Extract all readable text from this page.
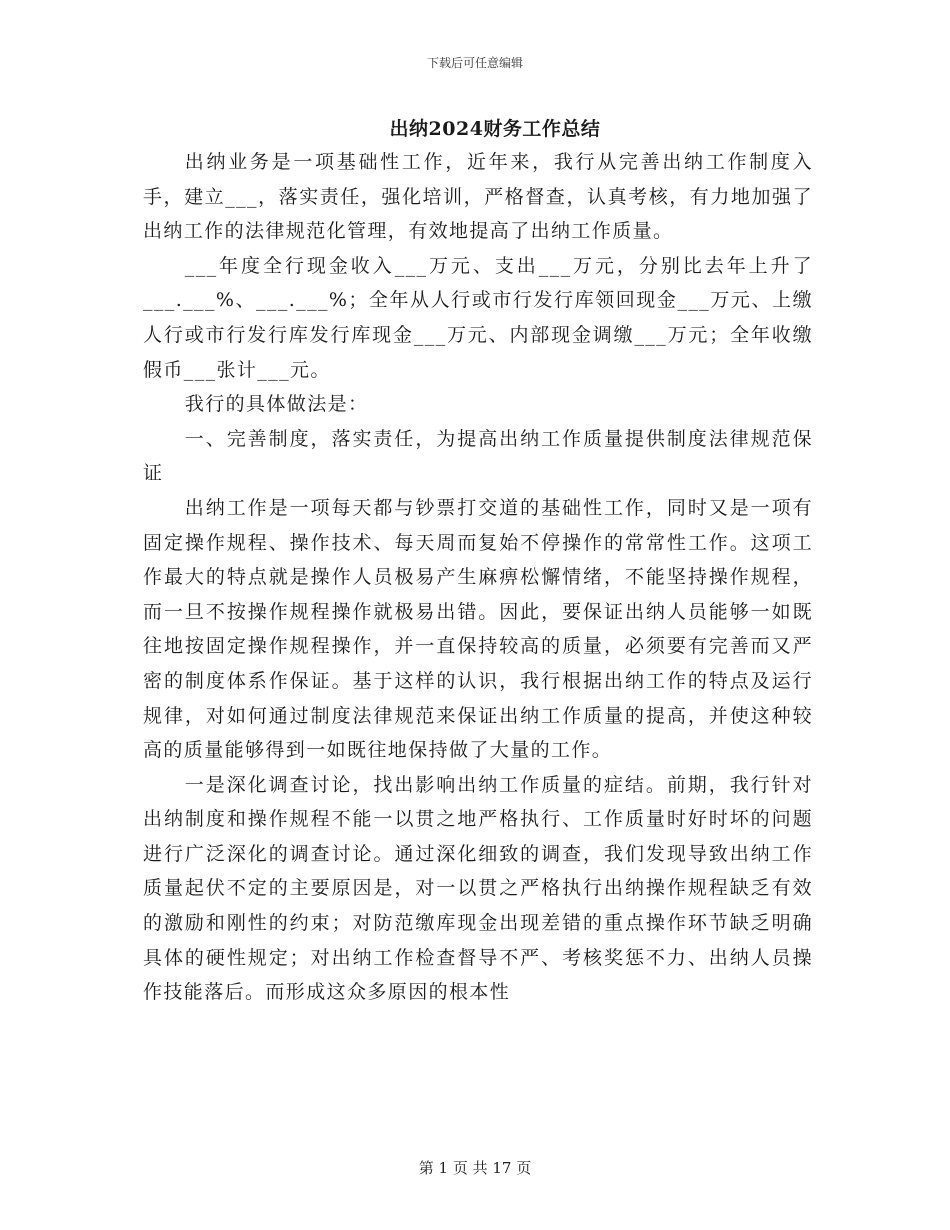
下载后可任意编辑
出纳2024财务工作总结

出纳业务是一项基础性工作，近年来，我行从完善出纳工作制度入手，建立___，落实责任，强化培训，严格督查，认真考核，有力地加强了出纳工作的法律规范化管理，有效地提高了出纳工作质量。

___年度全行现金收入___万元、支出___万元，分别比去年上升了___.___%、___.___%；全年从人行或市行发行库领回现金___万元、上缴人行或市行发行库发行库现金___万元、内部现金调缴___万元；全年收缴假币___张计___元。

我行的具体做法是：

一、完善制度，落实责任，为提高出纳工作质量提供制度法律规范保证

出纳工作是一项每天都与钞票打交道的基础性工作，同时又是一项有固定操作规程、操作技术、每天周而复始不停操作的常常性工作。这项工作最大的特点就是操作人员极易产生麻痹松懈情绪，不能坚持操作规程，而一旦不按操作规程操作就极易出错。因此，要保证出纳人员能够一如既往地按固定操作规程操作，并一直保持较高的质量，必须要有完善而又严密的制度体系作保证。基于这样的认识，我行根据出纳工作的特点及运行规律，对如何通过制度法律规范来保证出纳工作质量的提高，并使这种较高的质量能够得到一如既往地保持做了大量的工作。

一是深化调查讨论，找出影响出纳工作质量的症结。前期，我行针对出纳制度和操作规程不能一以贯之地严格执行、工作质量时好时坏的问题进行广泛深化的调查讨论。通过深化细致的调查，我们发现导致出纳工作质量起伏不定的主要原因是，对一以贯之严格执行出纳操作规程缺乏有效的激励和刚性的约束；对防范缴库现金出现差错的重点操作环节缺乏明确具体的硬性规定；对出纳工作检查督导不严、考核奖惩不力、出纳人员操作技能落后。而形成这众多原因的根本性

第 1 页 共 17 页
